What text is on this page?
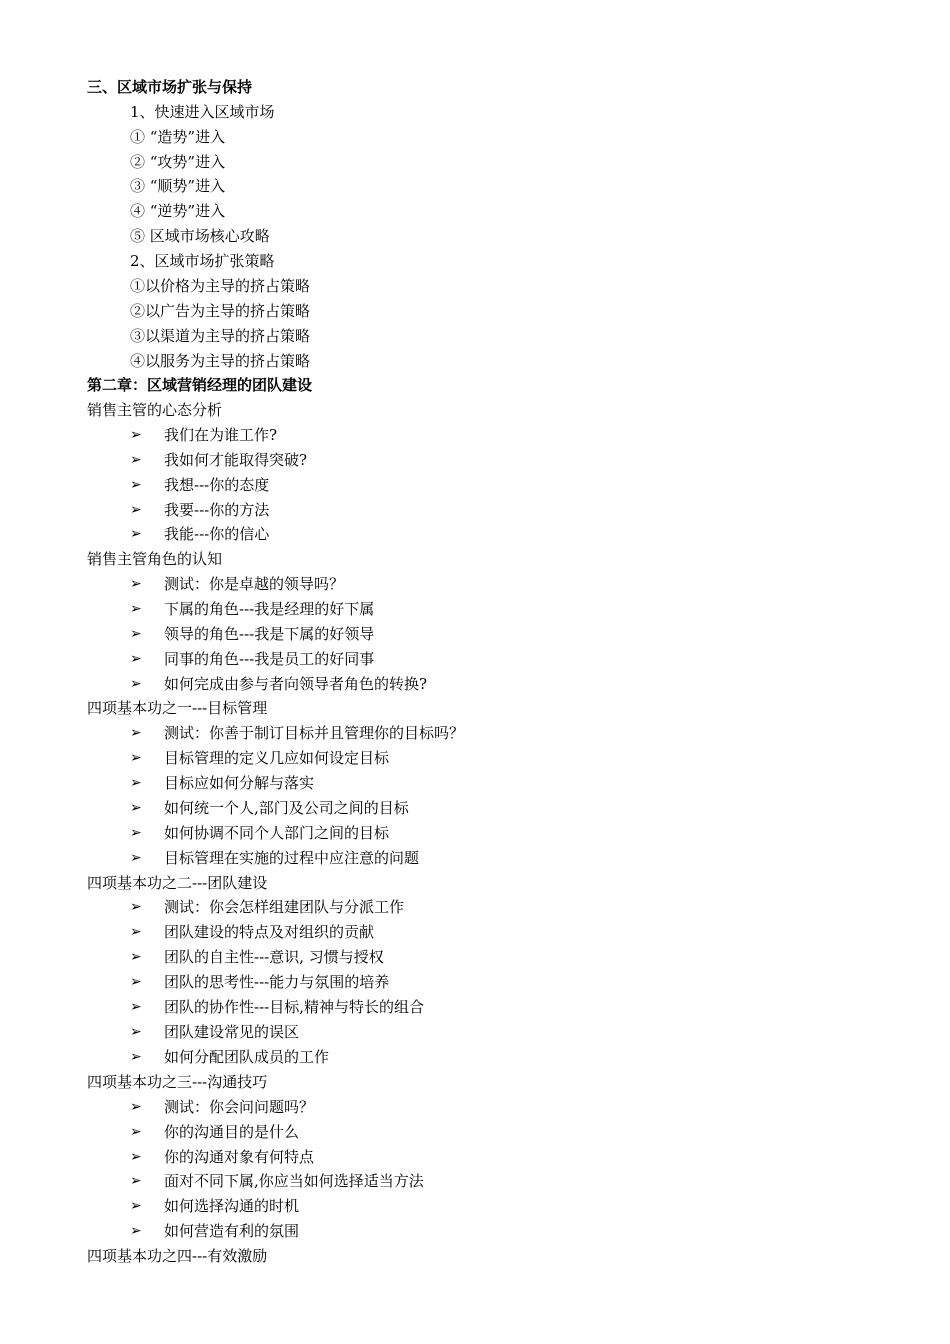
三、区域市场扩张与保持
1、快速进入区域市场
① “造势”进入
② “攻势”进入
③ “顺势”进入
④ “逆势”进入
⑤ 区域市场核心攻略
2、区域市场扩张策略
①以价格为主导的挤占策略
②以广告为主导的挤占策略
③以渠道为主导的挤占策略
④以服务为主导的挤占策略
第二章：区域营销经理的团队建设
销售主管的心态分析
➢ 我们在为谁工作?
➢ 我如何才能取得突破?
➢ 我想---你的态度
➢ 我要---你的方法
➢ 我能---你的信心
销售主管角色的认知
➢ 测试：你是卓越的领导吗？
➢ 下属的角色---我是经理的好下属
➢ 领导的角色---我是下属的好领导
➢ 同事的角色---我是员工的好同事
➢ 如何完成由参与者向领导者角色的转换?
四项基本功之一---目标管理
➢ 测试：你善于制订目标并且管理你的目标吗？
➢ 目标管理的定义几应如何设定目标
➢ 目标应如何分解与落实
➢ 如何统一个人,部门及公司之间的目标
➢ 如何协调不同个人部门之间的目标
➢ 目标管理在实施的过程中应注意的问题
四项基本功之二---团队建设
➢ 测试：你会怎样组建团队与分派工作
➢ 团队建设的特点及对组织的贡献
➢ 团队的自主性---意识, 习惯与授权
➢ 团队的思考性---能力与氛围的培养
➢ 团队的协作性---目标,精神与特长的组合
➢ 团队建设常见的误区
➢ 如何分配团队成员的工作
四项基本功之三---沟通技巧
➢ 测试：你会问问题吗？
➢ 你的沟通目的是什么
➢ 你的沟通对象有何特点
➢ 面对不同下属,你应当如何选择适当方法
➢ 如何选择沟通的时机
➢ 如何营造有利的氛围
四项基本功之四---有效激励
